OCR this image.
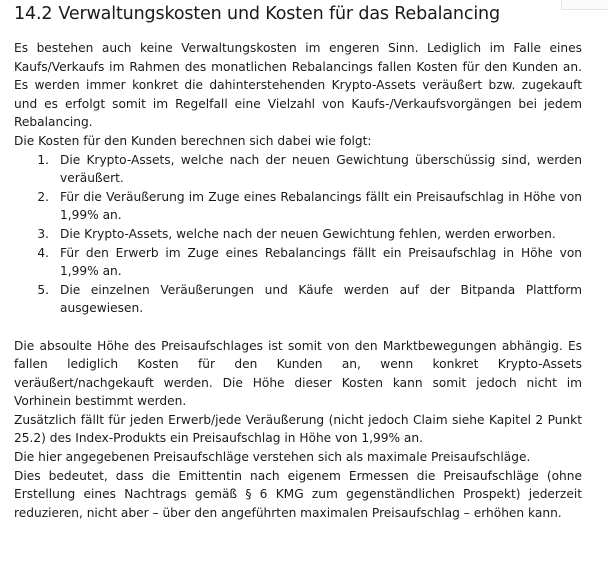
14.2 Verwaltungskosten und Kosten für das Rebalancing

Es bestehen auch keine Verwaltungskosten im engeren Sinn. Lediglich im Falle eines Kaufs/Verkaufs im Rahmen des monatlichen Rebalancings fallen Kosten für den Kunden an. Es werden immer konkret die dahinterstehenden Krypto-Assets veräußert bzw. zugekauft und es erfolgt somit im Regelfall eine Vielzahl von Kaufs-/Verkaufsvorgängen bei jedem Rebalancing.

Die Kosten für den Kunden berechnen sich dabei wie folgt:

1. Die Krypto-Assets, welche nach der neuen Gewichtung überschüssig sind, werden veräußert.
2. Für die Veräußerung im Zuge eines Rebalancings fällt ein Preisaufschlag in Höhe von 1,99% an.
3. Die Krypto-Assets, welche nach der neuen Gewichtung fehlen, werden erworben.
4. Für den Erwerb im Zuge eines Rebalancings fällt ein Preisaufschlag in Höhe von 1,99% an.
5. Die einzelnen Veräußerungen und Käufe werden auf der Bitpanda Plattform ausgewiesen.

Die absoulte Höhe des Preisaufschlages ist somit von den Marktbewegungen abhängig. Es fallen lediglich Kosten für den Kunden an, wenn konkret Krypto-Assets veräußert/nachgekauft werden. Die Höhe dieser Kosten kann somit jedoch nicht im Vorhinein bestimmt werden.

Zusätzlich fällt für jeden Erwerb/jede Veräußerung (nicht jedoch Claim siehe Kapitel 2 Punkt 25.2) des Index-Produkts ein Preisaufschlag in Höhe von 1,99% an.

Die hier angegebenen Preisaufschläge verstehen sich als maximale Preisaufschläge.

Dies bedeutet, dass die Emittentin nach eigenem Ermessen die Preisaufschläge (ohne Erstellung eines Nachtrags gemäß § 6 KMG zum gegenständlichen Prospekt) jederzeit reduzieren, nicht aber – über den angeführten maximalen Preisaufschlag – erhöhen kann.
